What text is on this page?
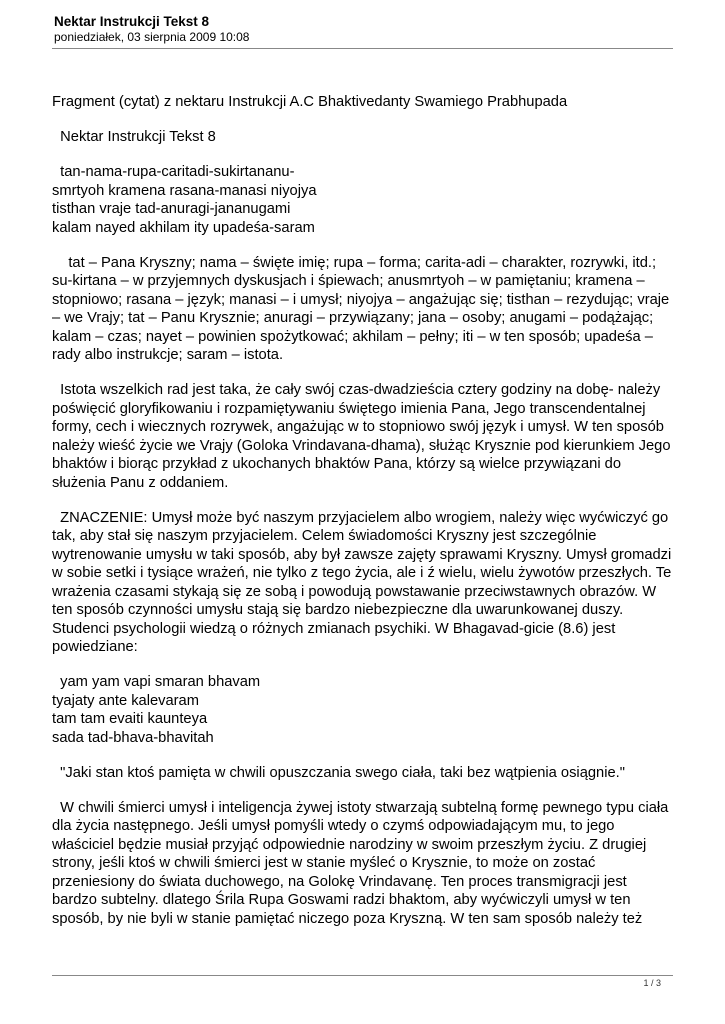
Nektar Instrukcji Tekst 8
poniedziałek, 03 sierpnia 2009 10:08

Fragment (cytat) z nektaru Instrukcji A.C Bhaktivedanty Swamiego Prabhupada

Nektar Instrukcji Tekst 8

tan-nama-rupa-caritadi-sukirtananu-
smrtyoh kramena rasana-manasi niyojya
tisthan vraje tad-anuragi-jananugami
kalam nayed akhilam ity upadeśa-saram

tat – Pana Kryszny; nama – święte imię; rupa – forma; carita-adi – charakter, rozrywki, itd.;
su-kirtana – w przyjemnych dyskusjach i śpiewach; anusmrtyoh – w pamiętaniu; kramena –
stopniowo; rasana – język; manasi – i umysł; niyojya – angażując się; tisthan – rezydując; vraje
– we Vrajy; tat – Panu Krysznie; anuragi – przywiązany; jana – osoby; anugami – podążając;
kalam – czas; nayet – powinien spożytkować; akhilam – pełny; iti – w ten sposób; upadeśa –
rady albo instrukcje; saram – istota.

Istota wszelkich rad jest taka, że cały swój czas-dwadzieścia cztery godziny na dobę- należy
poświęcić gloryfikowaniu i rozpamiętywaniu świętego imienia Pana, Jego transcendentalnej
formy, cech i wiecznych rozrywek, angażując w to stopniowo swój język i umysł. W ten sposób
należy wieść życie we Vrajy (Goloka Vrindavana-dhama), służąc Krysznie pod kierunkiem Jego
bhaktów i biorąc przykład z ukochanych bhaktów Pana, którzy są wielce przywiązani do
służenia Panu z oddaniem.

ZNACZENIE: Umysł może być naszym przyjacielem albo wrogiem, należy więc wyćwiczyć go
tak, aby stał się naszym przyjacielem. Celem świadomości Kryszny jest szczególnie
wytrenowanie umysłu w taki sposób, aby był zawsze zajęty sprawami Kryszny. Umysł gromadzi
w sobie setki i tysiące wrażeń, nie tylko z tego życia, ale i ź wielu, wielu żywotów przeszłych. Te
wrażenia czasami stykają się ze sobą i powodują powstawanie przeciwstawnych obrazów. W
ten sposób czynności umysłu stają się bardzo niebezpieczne dla uwarunkowanej duszy.
Studenci psychologii wiedzą o różnych zmianach psychiki. W Bhagavad-gicie (8.6) jest
powiedziane:

yam yam vapi smaran bhavam
tyajaty ante kalevaram
tam tam evaiti kaunteya
sada tad-bhava-bhavitah

"Jaki stan ktoś pamięta w chwili opuszczania swego ciała, taki bez wątpienia osiągnie."

W chwili śmierci umysł i inteligencja żywej istoty stwarzają subtelną formę pewnego typu ciała
dla życia następnego. Jeśli umysł pomyśli wtedy o czymś odpowiadającym mu, to jego
właściciel będzie musiał przyjąć odpowiednie narodziny w swoim przeszłym życiu. Z drugiej
strony, jeśli ktoś w chwili śmierci jest w stanie myśleć o Krysznie, to może on zostać
przeniesiony do świata duchowego, na Golokę Vrindavanę. Ten proces transmigracji jest
bardzo subtelny. dlatego Śrila Rupa Goswami radzi bhaktom, aby wyćwiczyli umysł w ten
sposób, by nie byli w stanie pamiętać niczego poza Kryszną. W ten sam sposób należy też

1 / 3
